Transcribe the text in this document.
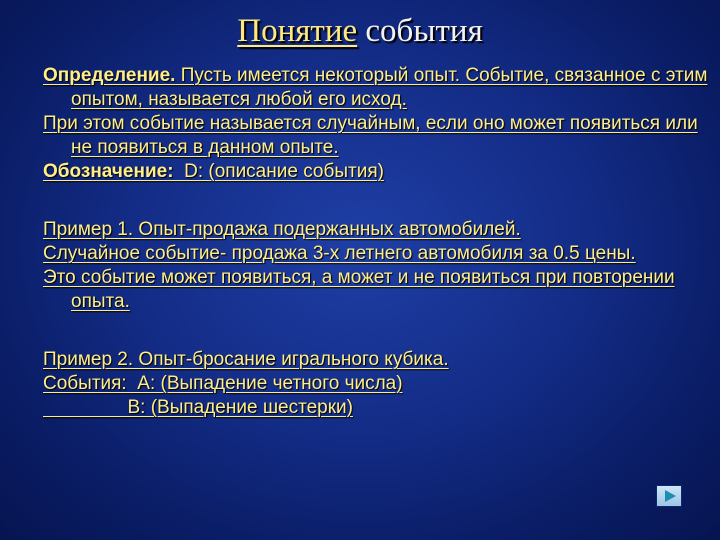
Понятие события

Определение. Пусть имеется некоторый опыт. Событие, связанное с этим опытом, называется любой его исход.

При этом событие называется случайным, если оно может появиться или не появиться в данном опыте.

Обозначение:  D: (описание события)

Пример 1. Опыт-продажа подержанных автомобилей.

Случайное событие- продажа 3-х летнего автомобиля за 0.5 цены.

Это событие может появиться, а может и не появиться при повторении опыта.

Пример 2. Опыт-бросание игрального кубика.

События:  А: (Выпадение четного числа)

B: (Выпадение шестерки)
